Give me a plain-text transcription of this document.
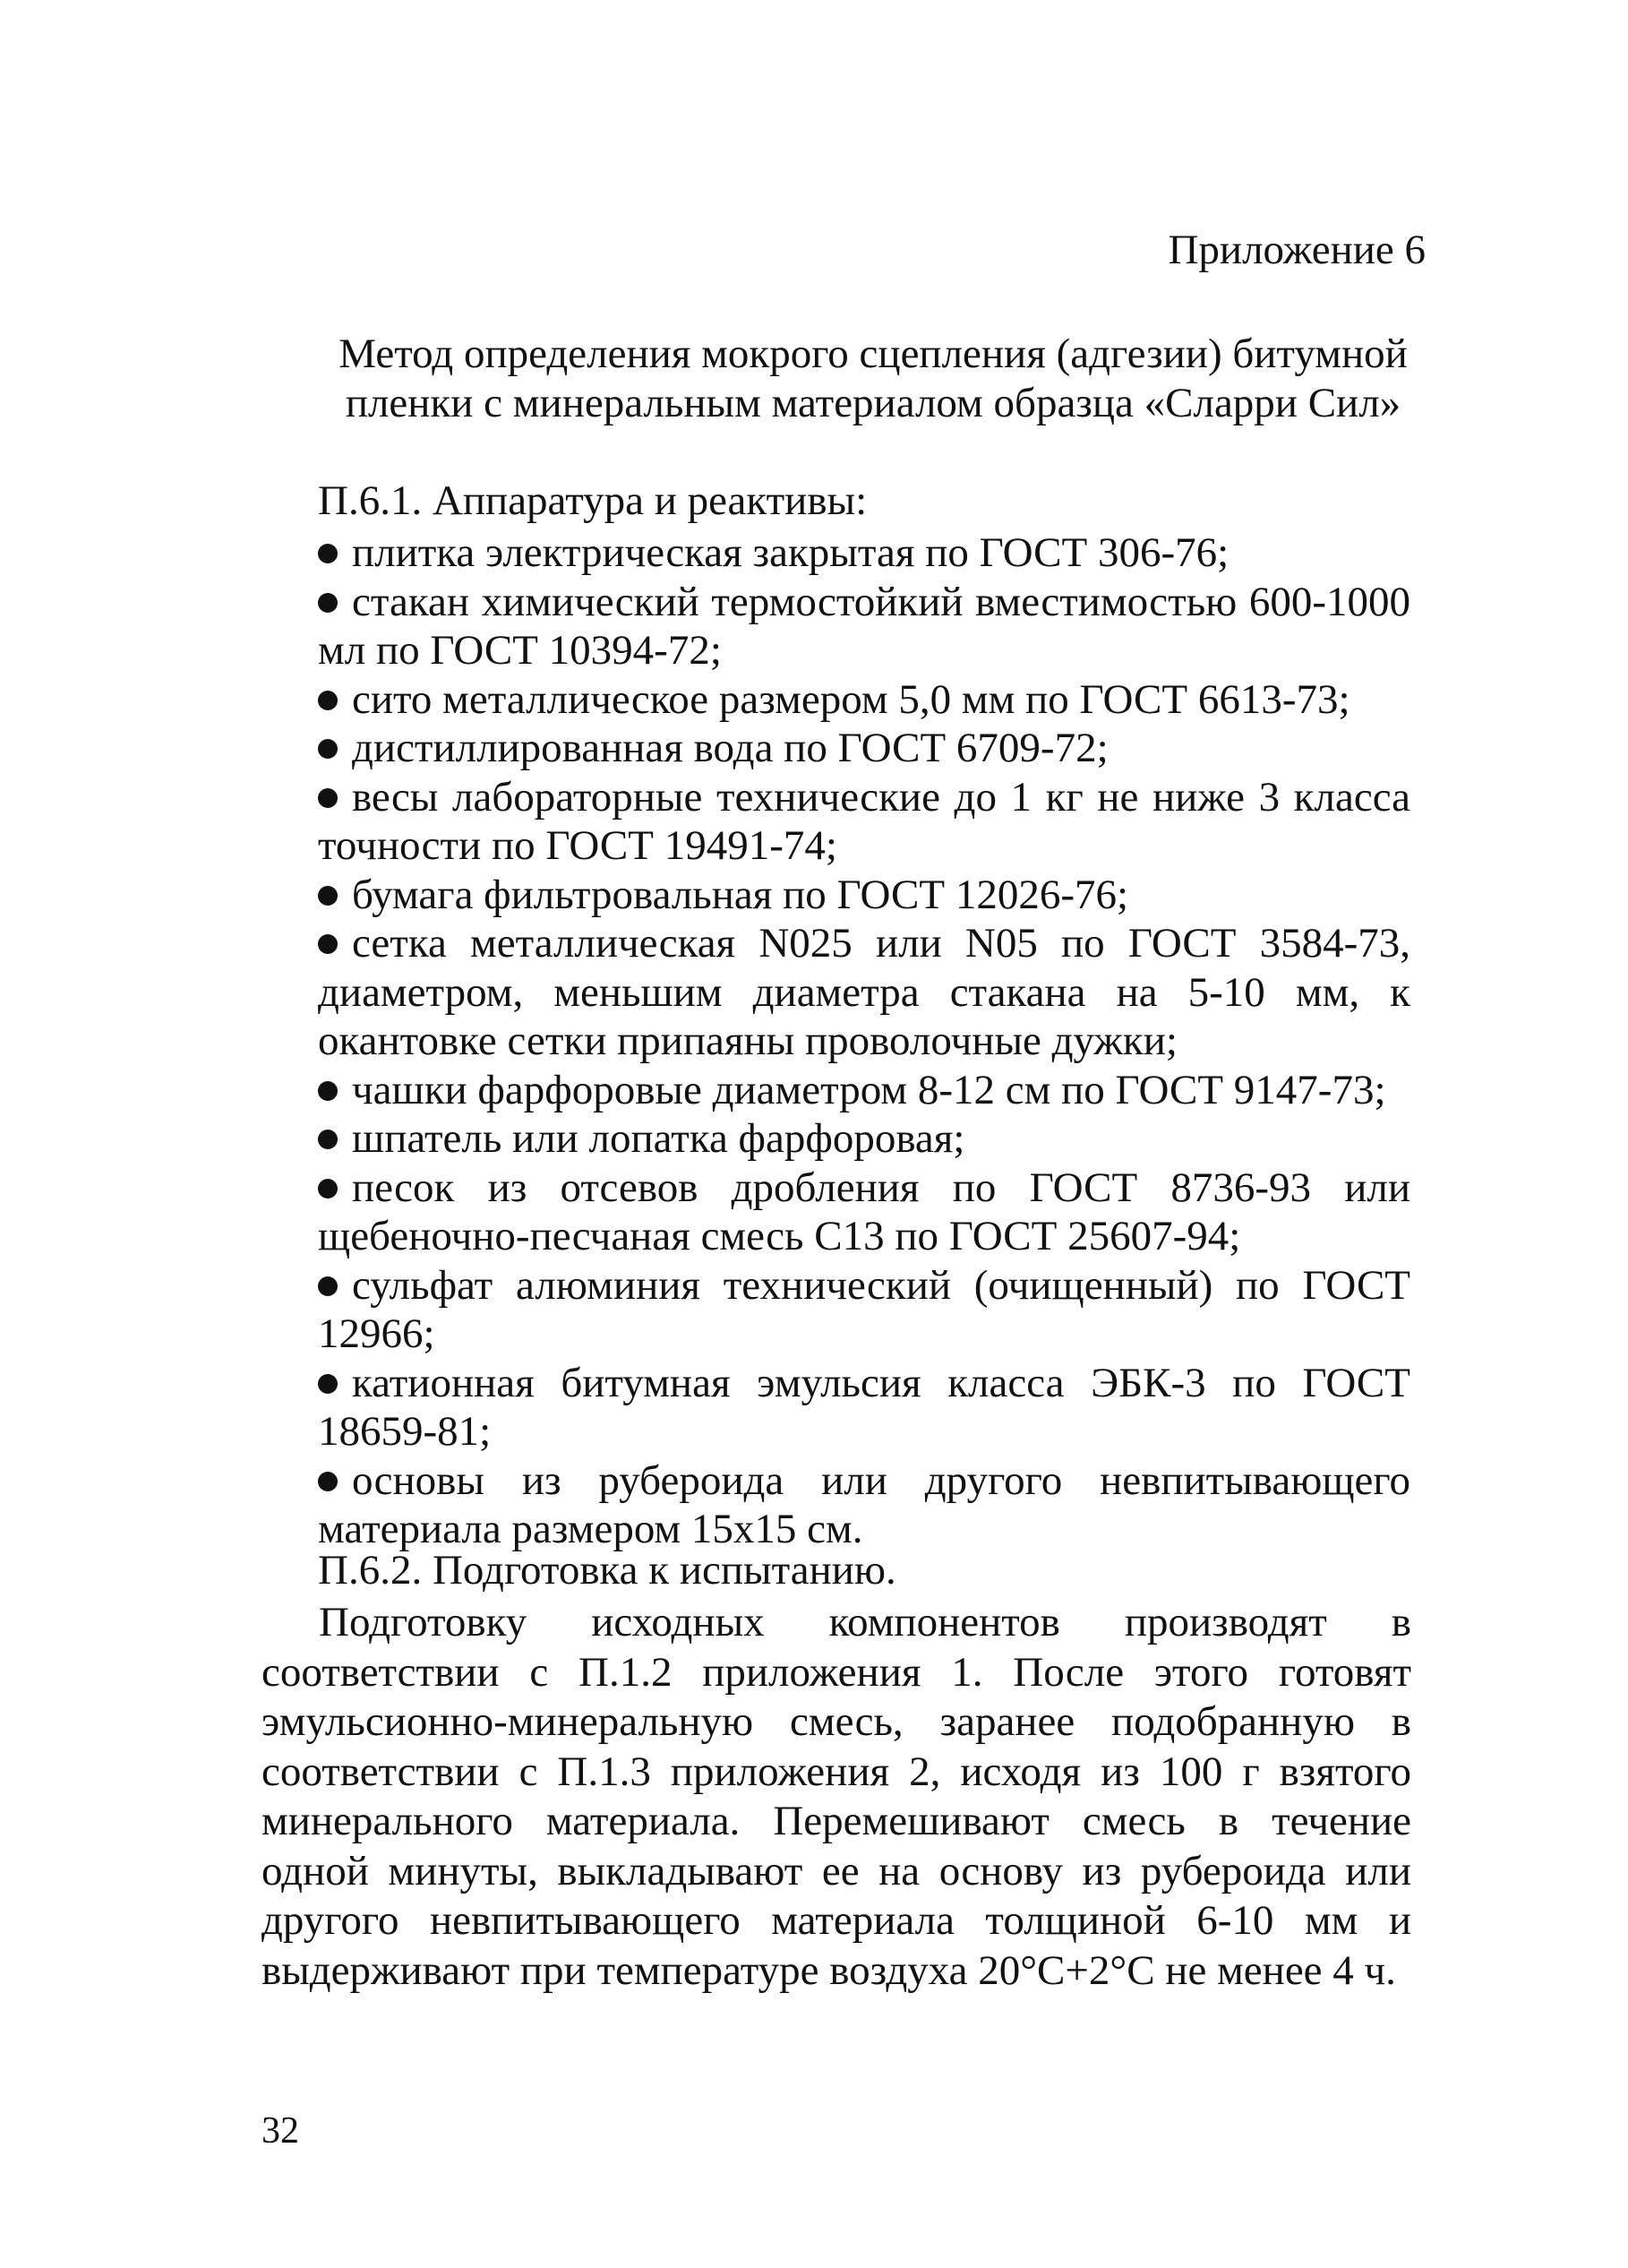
Приложение 6
Метод определения мокрого сцепления (адгезии) битумной
пленки с минеральным материалом образца «Сларри Сил»
П.6.1. Аппаратура и реактивы:
плитка электрическая закрытая по ГОСТ 306-76;
стакан химический термостойкий вместимостью 600-1000 мл по ГОСТ 10394-72;
сито металлическое размером 5,0 мм по ГОСТ 6613-73;
дистиллированная вода по ГОСТ 6709-72;
весы лабораторные технические до 1 кг не ниже 3 класса точности по ГОСТ 19491-74;
бумага фильтровальная по ГОСТ 12026-76;
сетка металлическая N025 или N05 по ГОСТ 3584-73, диаметром, меньшим диаметра стакана на 5-10 мм, к окантовке сетки припаяны проволочные дужки;
чашки фарфоровые диаметром 8-12 см по ГОСТ 9147-73;
шпатель или лопатка фарфоровая;
песок из отсевов дробления по ГОСТ 8736-93 или щебеночно-песчаная смесь С13 по ГОСТ 25607-94;
сульфат алюминия технический (очищенный) по ГОСТ 12966;
катионная битумная эмульсия класса ЭБК-3 по ГОСТ 18659-81;
основы из рубероида или другого невпитывающего материала размером 15х15 см.
П.6.2. Подготовка к испытанию.

Подготовку исходных компонентов производят в соответствии с П.1.2 приложения 1. После этого готовят эмульсионно-минеральную смесь, заранее подобранную в соответствии с П.1.3 приложения 2, исходя из 100 г взятого минерального материала. Перемешивают смесь в течение одной минуты, выкладывают ее на основу из рубероида или другого невпитывающего материала толщиной 6-10 мм и выдерживают при температуре воздуха 20°С+2°С не менее 4 ч.

32
